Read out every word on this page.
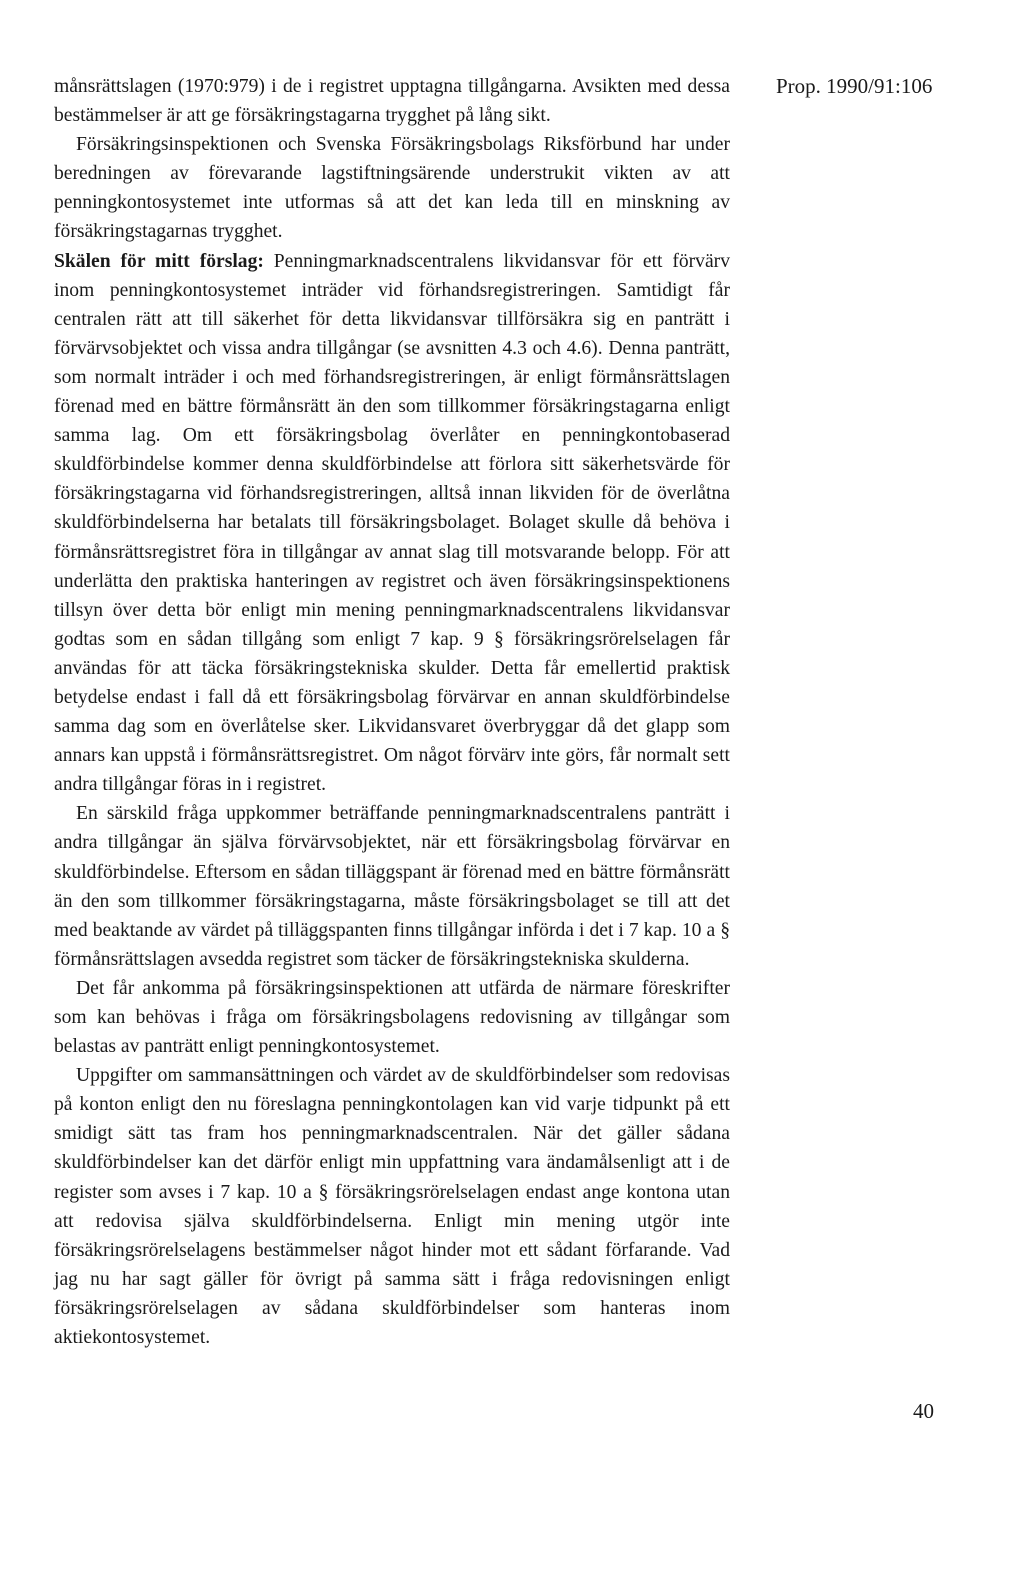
Prop. 1990/91:106

månsrättslagen (1970:979) i de i registret upptagna tillgångarna. Avsikten med dessa bestämmelser är att ge försäkringstagarna trygghet på lång sikt.

Försäkringsinspektionen och Svenska Försäkringsbolags Riksförbund har under beredningen av förevarande lagstiftningsärende understrukit vikten av att penningkontosystemet inte utformas så att det kan leda till en minskning av försäkringstagarnas trygghet.

Skälen för mitt förslag: Penningmarknadscentralens likvidansvar för ett förvärv inom penningkontosystemet inträder vid förhandsregistreringen. Samtidigt får centralen rätt att till säkerhet för detta likvidansvar tillförsäkra sig en panträtt i förvärvsobjektet och vissa andra tillgångar (se avsnitten 4.3 och 4.6). Denna panträtt, som normalt inträder i och med förhandsregistreringen, är enligt förmånsrättslagen förenad med en bättre förmånsrätt än den som tillkommer försäkringstagarna enligt samma lag. Om ett försäkringsbolag överlåter en penningkontobaserad skuldförbindelse kommer denna skuldförbindelse att förlora sitt säkerhetsvärde för försäkringstagarna vid förhandsregistreringen, alltså innan likviden för de överlåtna skuldförbindelserna har betalats till försäkringsbolaget. Bolaget skulle då behöva i förmånsrättsregistret föra in tillgångar av annat slag till motsvarande belopp. För att underlätta den praktiska hanteringen av registret och även försäkringsinspektionens tillsyn över detta bör enligt min mening penningmarknadscentralens likvidansvar godtas som en sådan tillgång som enligt 7 kap. 9 § försäkringsrörelselagen får användas för att täcka försäkringstekniska skulder. Detta får emellertid praktisk betydelse endast i fall då ett försäkringsbolag förvärvar en annan skuldförbindelse samma dag som en överlåtelse sker. Likvidansvaret överbryggar då det glapp som annars kan uppstå i förmånsrättsregistret. Om något förvärv inte görs, får normalt sett andra tillgångar föras in i registret.

En särskild fråga uppkommer beträffande penningmarknadscentralens panträtt i andra tillgångar än själva förvärvsobjektet, när ett försäkringsbolag förvärvar en skuldförbindelse. Eftersom en sådan tilläggspant är förenad med en bättre förmånsrätt än den som tillkommer försäkringstagarna, måste försäkringsbolaget se till att det med beaktande av värdet på tilläggspanten finns tillgångar införda i det i 7 kap. 10 a § förmånsrättslagen avsedda registret som täcker de försäkringstekniska skulderna.

Det får ankomma på försäkringsinspektionen att utfärda de närmare föreskrifter som kan behövas i fråga om försäkringsbolagens redovisning av tillgångar som belastas av panträtt enligt penningkontosystemet.

Uppgifter om sammansättningen och värdet av de skuldförbindelser som redovisas på konton enligt den nu föreslagna penningkontolagen kan vid varje tidpunkt på ett smidigt sätt tas fram hos penningmarknadscentralen. När det gäller sådana skuldförbindelser kan det därför enligt min uppfattning vara ändamålsenligt att i de register som avses i 7 kap. 10 a § försäkringsrörelselagen endast ange kontona utan att redovisa själva skuldförbindelserna. Enligt min mening utgör inte försäkringsrörelselagens bestämmelser något hinder mot ett sådant förfarande. Vad jag nu har sagt gäller för övrigt på samma sätt i fråga redovisningen enligt försäkringsrörelselagen av sådana skuldförbindelser som hanteras inom aktiekontosystemet.

40
